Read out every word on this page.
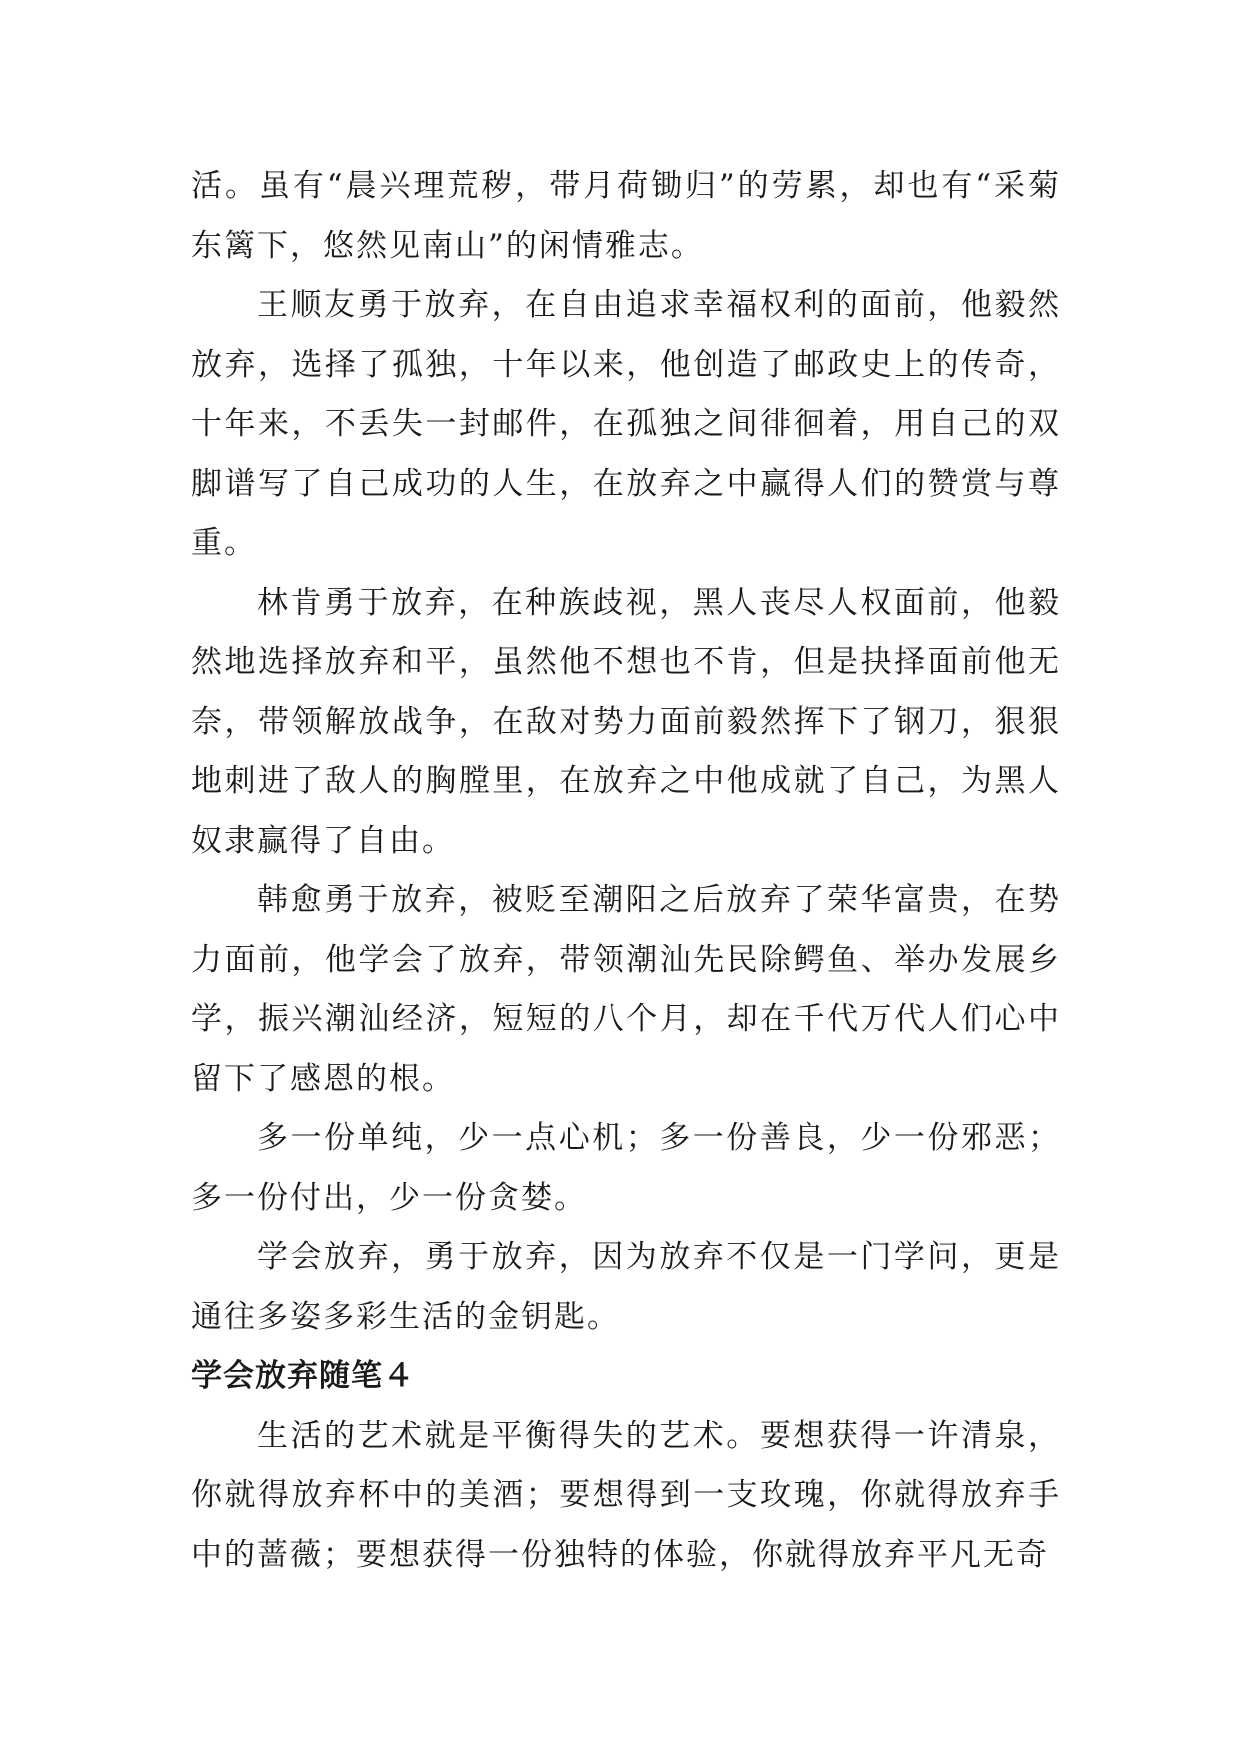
活。虽有“晨兴理荒秽，带月荷锄归”的劳累，却也有“采菊东篱下，悠然见南山”的闲情雅志。

王顺友勇于放弃，在自由追求幸福权利的面前，他毅然放弃，选择了孤独，十年以来，他创造了邮政史上的传奇，十年来，不丢失一封邮件，在孤独之间徘徊着，用自己的双脚谱写了自己成功的人生，在放弃之中赢得人们的赞赏与尊重。

林肯勇于放弃，在种族歧视，黑人丧尽人权面前，他毅然地选择放弃和平，虽然他不想也不肯，但是抉择面前他无奈，带领解放战争，在敌对势力面前毅然挥下了钢刀，狠狠地刺进了敌人的胸膛里，在放弃之中他成就了自己，为黑人奴隶赢得了自由。

韩愈勇于放弃，被贬至潮阳之后放弃了荣华富贵，在势力面前，他学会了放弃，带领潮汕先民除鳄鱼、举办发展乡学，振兴潮汕经济，短短的八个月，却在千代万代人们心中留下了感恩的根。

多一份单纯，少一点心机；多一份善良，少一份邪恶；多一份付出，少一份贪婪。

学会放弃，勇于放弃，因为放弃不仅是一门学问，更是通往多姿多彩生活的金钥匙。

学会放弃随笔４

生活的艺术就是平衡得失的艺术。要想获得一许清泉，你就得放弃杯中的美酒；要想得到一支玫瑰，你就得放弃手中的蔷薇；要想获得一份独特的体验，你就得放弃平凡无奇
